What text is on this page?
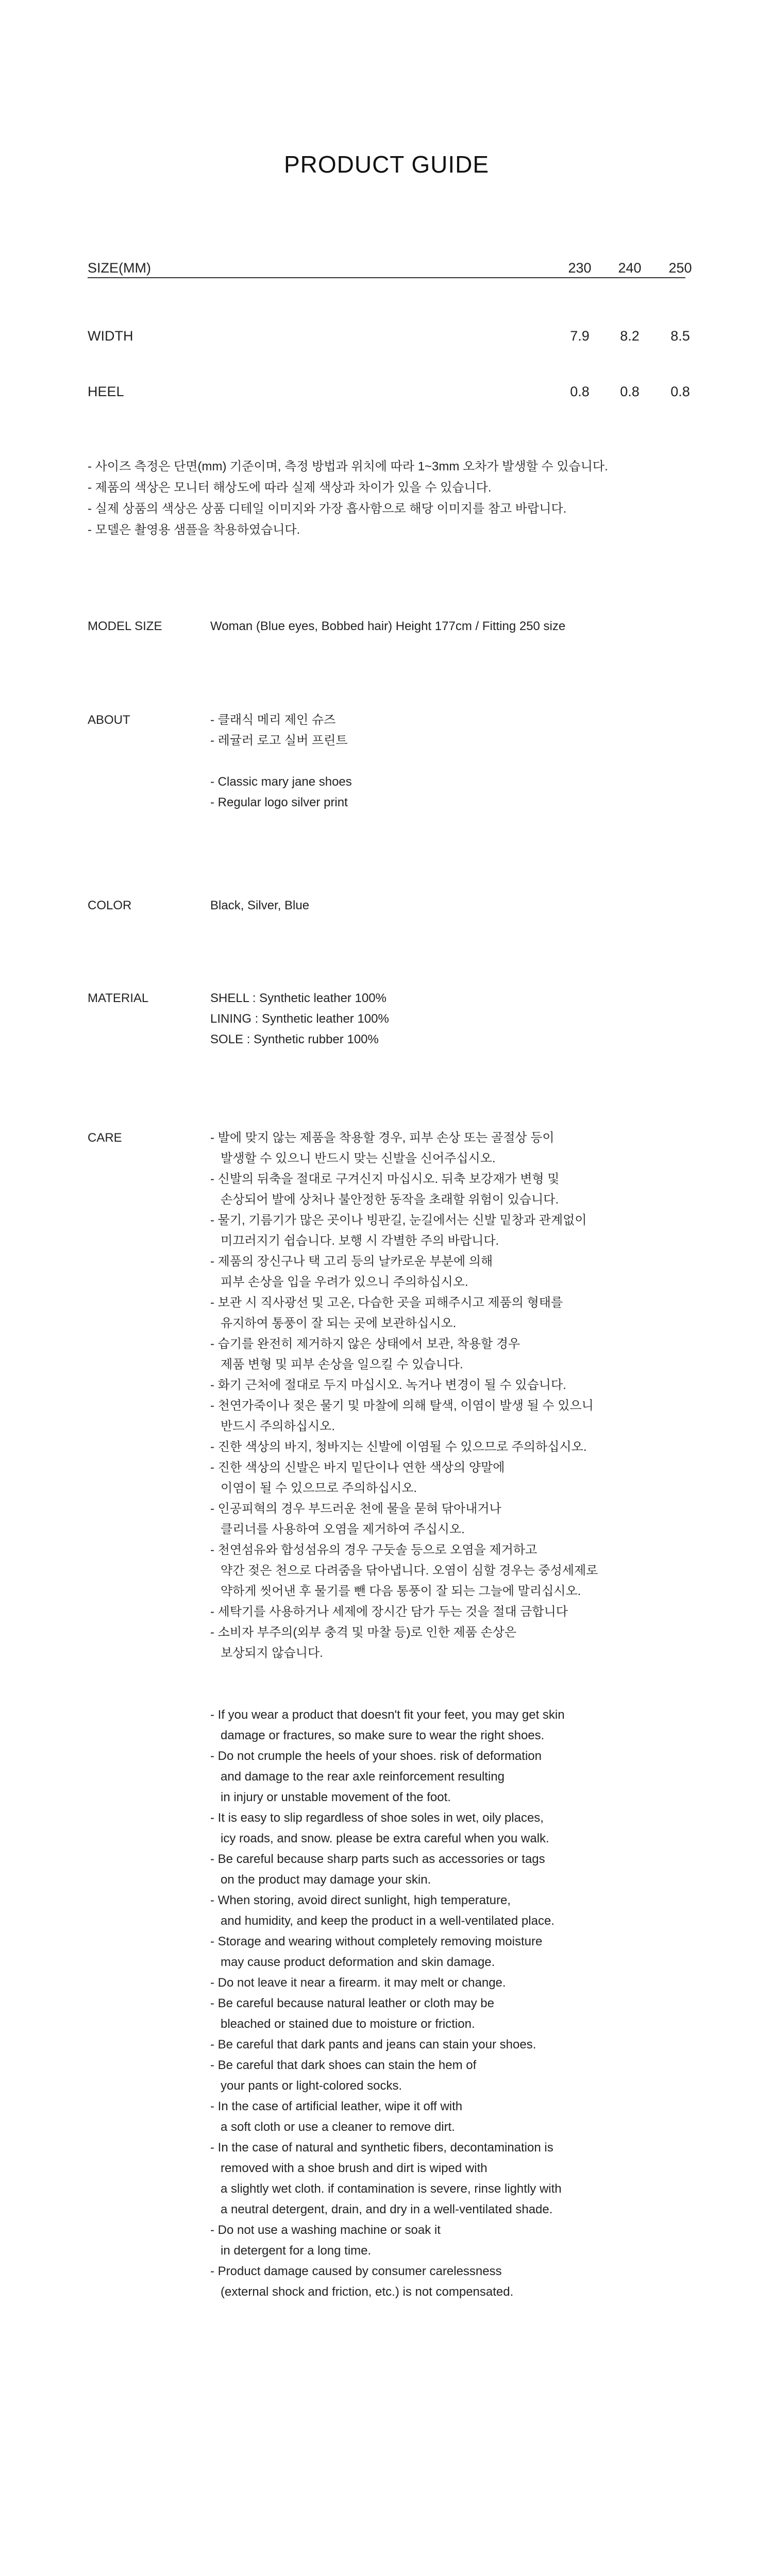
PRODUCT GUIDE
SIZE(MM)	230	240	250
WIDTH	7.9	8.2	8.5
HEEL	0.8	0.8	0.8
- 사이즈 측정은 단면(mm) 기준이며, 측정 방법과 위치에 따라 1~3mm 오차가 발생할 수 있습니다.
- 제품의 색상은 모니터 해상도에 따라 실제 색상과 차이가 있을 수 있습니다.
- 실제 상품의 색상은 상품 디테일 이미지와 가장 흡사함으로 해당 이미지를 참고 바랍니다.
- 모델은 촬영용 샘플을 착용하였습니다.
MODEL SIZE	Woman (Blue eyes, Bobbed hair) Height 177cm / Fitting 250 size
ABOUT	- 클래식 메리 제인 슈즈
- 레귤러 로고 실버 프린트
- Classic mary jane shoes
- Regular logo silver print
COLOR	Black, Silver, Blue
MATERIAL	SHELL : Synthetic leather 100%
LINING : Synthetic leather 100%
SOLE : Synthetic rubber 100%
CARE	- 발에 맞지 않는 제품을 착용할 경우, 피부 손상 또는 골절상 등이
발생할 수 있으니 반드시 맞는 신발을 신어주십시오.
- 신발의 뒤축을 절대로 구겨신지 마십시오. 뒤축 보강재가 변형 및
손상되어 발에 상처나 불안정한 동작을 초래할 위험이 있습니다.
- 물기, 기름기가 많은 곳이나 빙판길, 눈길에서는 신발 밑창과 관계없이
미끄러지기 쉽습니다. 보행 시 각별한 주의 바랍니다.
- 제품의 장신구나 택 고리 등의 날카로운 부분에 의해
피부 손상을 입을 우려가 있으니 주의하십시오.
- 보관 시 직사광선 및 고온, 다습한 곳을 피해주시고 제품의 형태를
유지하여 통풍이 잘 되는 곳에 보관하십시오.
- 습기를 완전히 제거하지 않은 상태에서 보관, 착용할 경우
제품 변형 및 피부 손상을 일으킬 수 있습니다.
- 화기 근처에 절대로 두지 마십시오. 녹거나 변경이 될 수 있습니다.
- 천연가죽이나 젖은 물기 및 마찰에 의해 탈색, 이염이 발생 될 수 있으니
반드시 주의하십시오.
- 진한 색상의 바지, 청바지는 신발에 이염될 수 있으므로 주의하십시오.
- 진한 색상의 신발은 바지 밑단이나 연한 색상의 양말에
이염이 될 수 있으므로 주의하십시오.
- 인공피혁의 경우 부드러운 천에 물을 묻혀 닦아내거나
클리너를 사용하여 오염을 제거하여 주십시오.
- 천연섬유와 합성섬유의 경우 구둣솔 등으로 오염을 제거하고
약간 젖은 천으로 다려줌을 닦아냅니다. 오염이 심할 경우는 중성세제로
약하게 씻어낸 후 물기를 뺀 다음 통풍이 잘 되는 그늘에 말리십시오.
- 세탁기를 사용하거나 세제에 장시간 담가 두는 것을 절대 금합니다
- 소비자 부주의(외부 충격 및 마찰 등)로 인한 제품 손상은
보상되지 않습니다.
- If you wear a product that doesn't fit your feet, you may get skin
damage or fractures, so make sure to wear the right shoes.
- Do not crumple the heels of your shoes. risk of deformation
and damage to the rear axle reinforcement resulting
in injury or unstable movement of the foot.
- It is easy to slip regardless of shoe soles in wet, oily places,
icy roads, and snow. please be extra careful when you walk.
- Be careful because sharp parts such as accessories or tags
on the product may damage your skin.
- When storing, avoid direct sunlight, high temperature,
and humidity, and keep the product in a well-ventilated place.
- Storage and wearing without completely removing moisture
may cause product deformation and skin damage.
- Do not leave it near a firearm. it may melt or change.
- Be careful because natural leather or cloth may be
bleached or stained due to moisture or friction.
- Be careful that dark pants and jeans can stain your shoes.
- Be careful that dark shoes can stain the hem of
your pants or light-colored socks.
- In the case of artificial leather, wipe it off with
a soft cloth or use a cleaner to remove dirt.
- In the case of natural and synthetic fibers, decontamination is
removed with a shoe brush and dirt is wiped with
a slightly wet cloth. if contamination is severe, rinse lightly with
a neutral detergent, drain, and dry in a well-ventilated shade.
- Do not use a washing machine or soak it
in detergent for a long time.
- Product damage caused by consumer carelessness
(external shock and friction, etc.) is not compensated.
